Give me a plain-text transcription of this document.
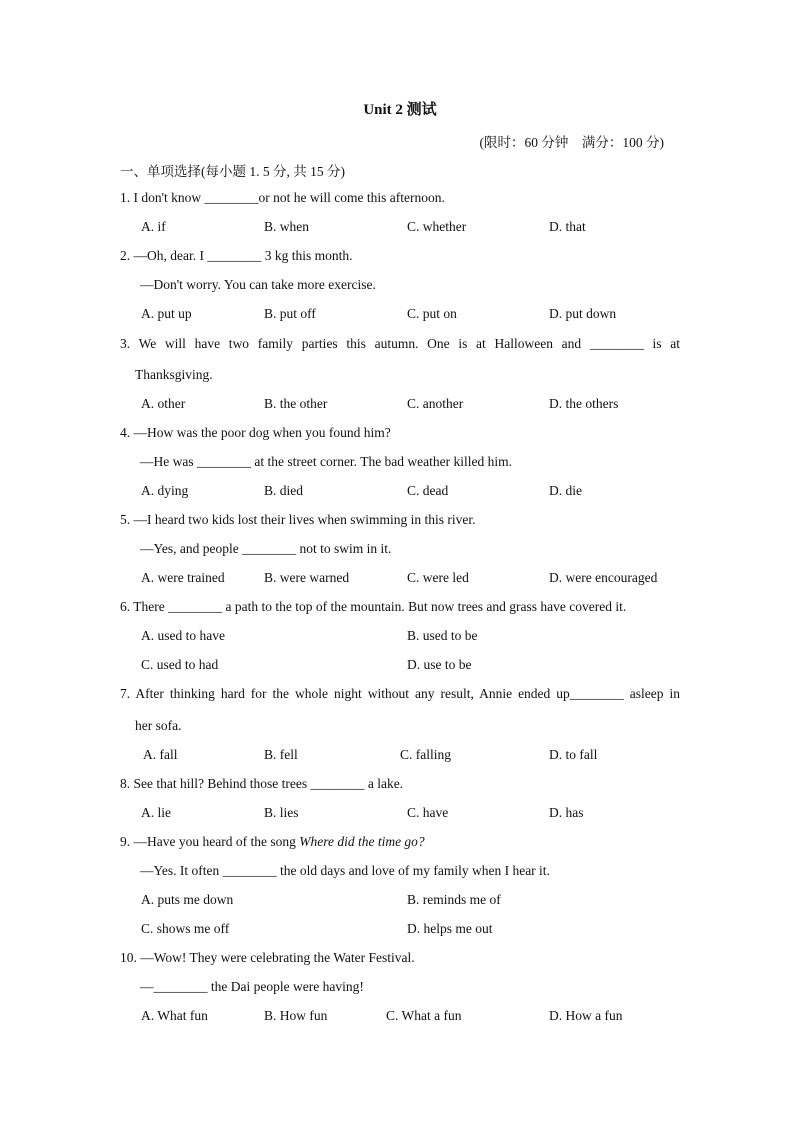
Unit 2 测试
(限时：60 分钟　满分：100 分)
一、单项选择(每小题 1. 5 分, 共 15 分)
1. I don't know ________or not he will come this afternoon.
A. if	B. when	C. whether	D. that
2. —Oh, dear. I ________ 3 kg this month.
—Don't worry. You can take more exercise.
A. put up	B. put off	C. put on	D. put down
3. We will have two family parties this autumn. One is at Halloween and ________ is at
Thanksgiving.
A. other	B. the other	C. another	D. the others
4. —How was the poor dog when you found him?
—He was ________ at the street corner. The bad weather killed him.
A. dying	B. died	C. dead	D. die
5. —I heard two kids lost their lives when swimming in this river.
—Yes, and people ________ not to swim in it.
A. were trained	B. were warned	C. were led	D. were encouraged
6. There ________ a path to the top of the mountain. But now trees and grass have covered it.
A. used to have	B. used to be
C. used to had	D. use to be
7. After thinking hard for the whole night without any result, Annie ended up________ asleep in
her sofa.
A. fall	B. fell	C. falling	D. to fall
8. See that hill? Behind those trees ________ a lake.
A. lie	B. lies	C. have	D. has
9. —Have you heard of the song Where did the time go?
—Yes. It often ________ the old days and love of my family when I hear it.
A. puts me down	B. reminds me of
C. shows me off	D. helps me out
10. —Wow! They were celebrating the Water Festival.
—________ the Dai people were having!
A. What fun	B. How fun	C. What a fun	D. How a fun
